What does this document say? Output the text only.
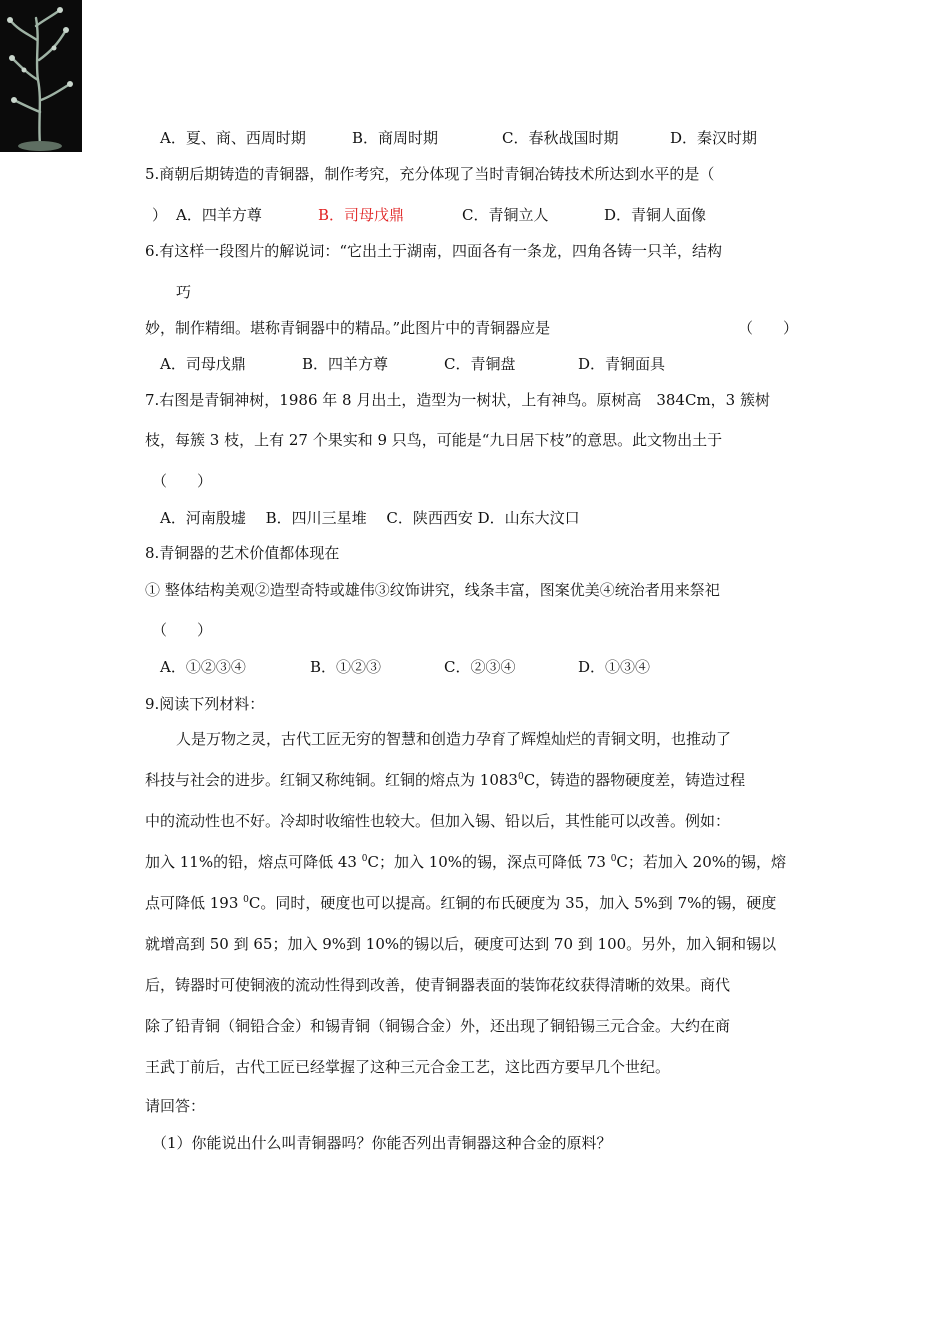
A．夏、商、西周时期	B．商周时期	C．春秋战国时期	D．秦汉时期
5.商朝后期铸造的青铜器，制作考究，充分体现了当时青铜冶铸技术所达到水平的是（
） A．四羊方尊	B．司母戊鼎	C．青铜立人	D．青铜人面像
6.有这样一段图片的解说词：“它出土于湖南，四面各有一条龙，四角各铸一只羊，结构
巧
妙，制作精细。堪称青铜器中的精品。”此图片中的青铜器应是	（　　）
A．司母戊鼎	B．四羊方尊	C．青铜盘	D．青铜面具
7.右图是青铜神树，1986 年 8 月出土，造型为一树状，上有神鸟。原树高　384Cm，3 簇树
枝，每簇 3 枝，上有 27 个果实和 9 只鸟，可能是“九日居下枝”的意思。此文物出土于
（　　）
A．河南殷墟　 B．四川三星堆　 C．陕西西安 D．山东大汶口
8.青铜器的艺术价值都体现在
① 整体结构美观②造型奇特或雄伟③纹饰讲究，线条丰富，图案优美④统治者用来祭祀
（　　）
A．①②③④	B．①②③	C．②③④	D．①③④
9.阅读下列材料：
人是万物之灵，古代工匠无穷的智慧和创造力孕育了辉煌灿烂的青铜文明，也推动了
科技与社会的进步。红铜又称纯铜。红铜的熔点为 1083$^0$C，铸造的器物硬度差，铸造过程
中的流动性也不好。冷却时收缩性也较大。但加入锡、铅以后，其性能可以改善。例如：
加入 11%的铅，熔点可降低 43 $^0$C；加入 10%的锡，深点可降低 73 $^0$C；若加入 20%的锡，熔
点可降低 193 $^0$C。同时，硬度也可以提高。红铜的布氏硬度为 35，加入 5%到 7%的锡，硬度
就增高到 50 到 65；加入 9%到 10%的锡以后，硬度可达到 70 到 100。另外，加入铜和锡以
后，铸器时可使铜液的流动性得到改善，使青铜器表面的装饰花纹获得清晰的效果。商代
除了铅青铜（铜铅合金）和锡青铜（铜锡合金）外，还出现了铜铅锡三元合金。大约在商
王武丁前后，古代工匠已经掌握了这种三元合金工艺，这比西方要早几个世纪。
请回答：
（1）你能说出什么叫青铜器吗？你能否列出青铜器这种合金的原料？
